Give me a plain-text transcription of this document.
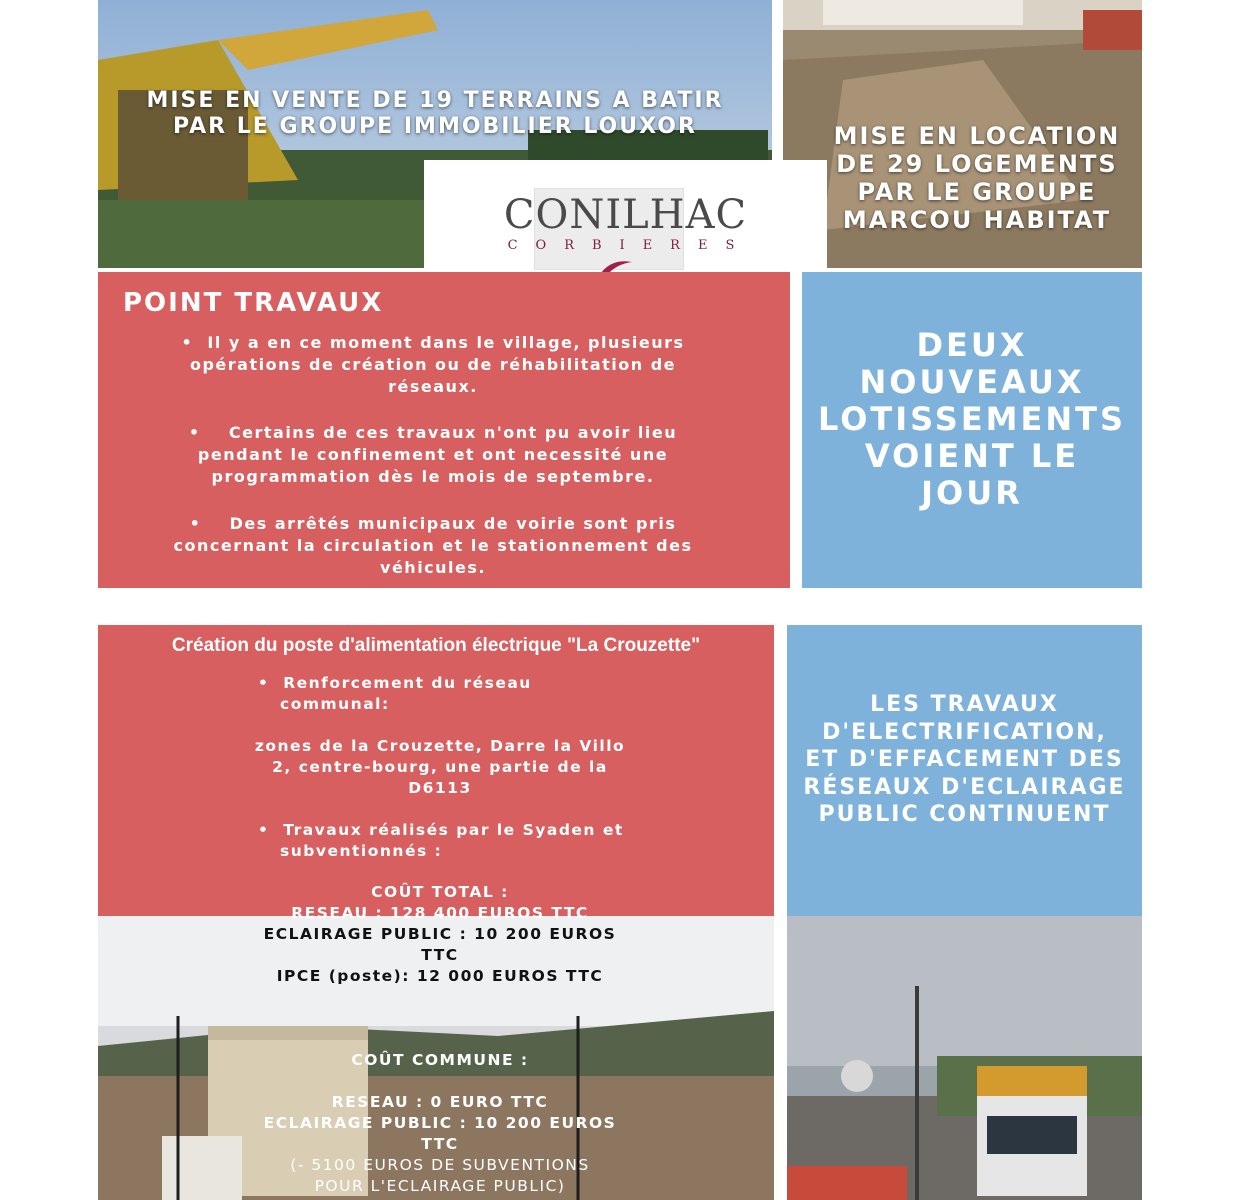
MISE EN VENTE DE 19 TERRAINS A BATIR PAR LE GROUPE IMMOBILIER LOUXOR	MISE EN LOCATION DE 29 LOGEMENTS PAR LE GROUPE MARCOU HABITAT
CONILHAC
CORBIERES
POINT TRAVAUX
•  Il y a en ce moment dans le village, plusieurs opérations de création ou de réhabilitation de réseaux.
•    Certains de ces travaux n'ont pu avoir lieu pendant le confinement et ont necessité une programmation dès le mois de septembre.
•    Des arrêtés municipaux de voirie sont pris concernant la circulation et le stationnement des véhicules.
DEUX NOUVEAUX LOTISSEMENTS VOIENT LE JOUR
Création du poste d'alimentation électrique "La Crouzette"
LES TRAVAUX D'ELECTRIFICATION, ET D'EFFACEMENT DES RÉSEAUX D'ECLAIRAGE PUBLIC CONTINUENT
•  Renforcement du réseau communal:
zones de la Crouzette, Darre la Villo 2, centre-bourg, une partie de la D6113
•  Travaux réalisés par le Syaden et subventionnés :
COÛT TOTAL :
RESEAU : 128 400 EUROS TTC
ECLAIRAGE PUBLIC : 10 200 EUROS TTC
IPCE (poste): 12 000 EUROS TTC
COÛT COMMUNE :
RESEAU : 0 EURO TTC
ECLAIRAGE PUBLIC : 10 200 EUROS TTC
(- 5100 EUROS DE SUBVENTIONS POUR L'ECLAIRAGE PUBLIC)
